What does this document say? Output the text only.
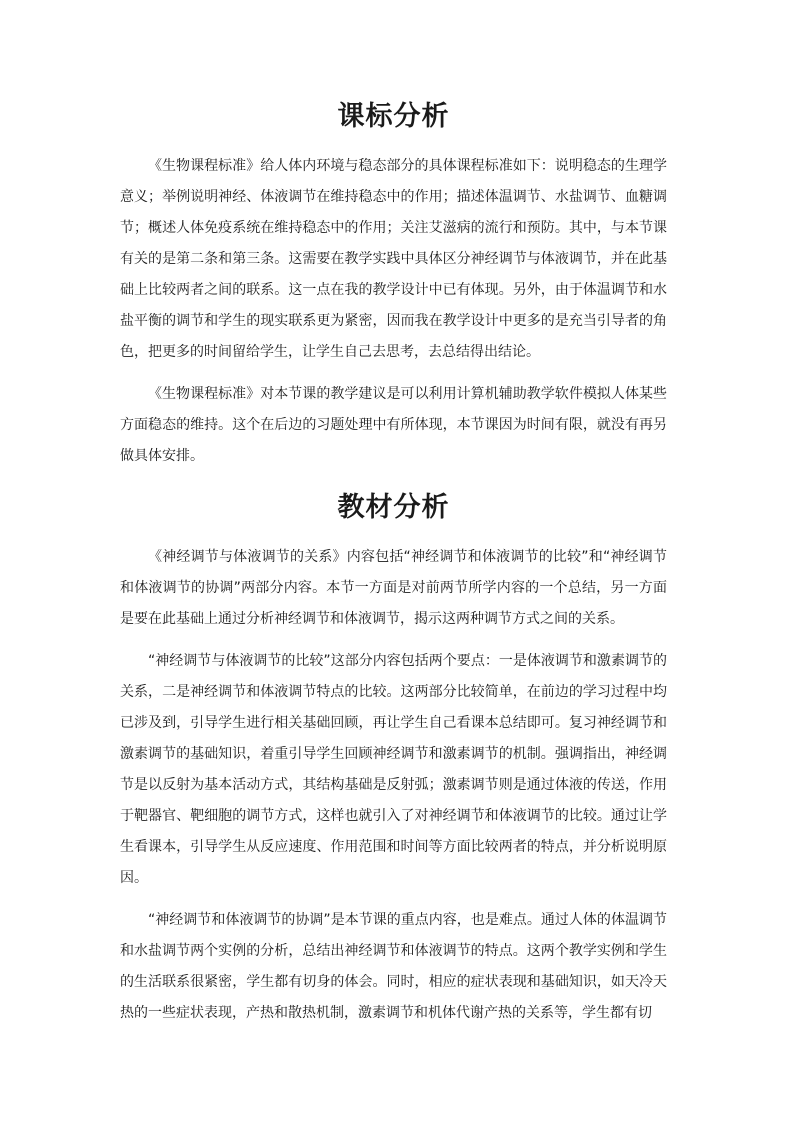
课标分析

《生物课程标准》给人体内环境与稳态部分的具体课程标准如下：说明稳态的生理学意义；举例说明神经、体液调节在维持稳态中的作用；描述体温调节、水盐调节、血糖调节；概述人体免疫系统在维持稳态中的作用；关注艾滋病的流行和预防。其中，与本节课有关的是第二条和第三条。这需要在教学实践中具体区分神经调节与体液调节，并在此基础上比较两者之间的联系。这一点在我的教学设计中已有体现。另外，由于体温调节和水盐平衡的调节和学生的现实联系更为紧密，因而我在教学设计中更多的是充当引导者的角色，把更多的时间留给学生，让学生自己去思考，去总结得出结论。

《生物课程标准》对本节课的教学建议是可以利用计算机辅助教学软件模拟人体某些方面稳态的维持。这个在后边的习题处理中有所体现，本节课因为时间有限，就没有再另做具体安排。

教材分析

《神经调节与体液调节的关系》内容包括“神经调节和体液调节的比较”和“神经调节和体液调节的协调”两部分内容。本节一方面是对前两节所学内容的一个总结，另一方面是要在此基础上通过分析神经调节和体液调节，揭示这两种调节方式之间的关系。

“神经调节与体液调节的比较”这部分内容包括两个要点：一是体液调节和激素调节的关系，二是神经调节和体液调节特点的比较。这两部分比较简单，在前边的学习过程中均已涉及到，引导学生进行相关基础回顾，再让学生自己看课本总结即可。复习神经调节和激素调节的基础知识，着重引导学生回顾神经调节和激素调节的机制。强调指出，神经调节是以反射为基本活动方式，其结构基础是反射弧；激素调节则是通过体液的传送，作用于靶器官、靶细胞的调节方式，这样也就引入了对神经调节和体液调节的比较。通过让学生看课本，引导学生从反应速度、作用范围和时间等方面比较两者的特点，并分析说明原因。

“神经调节和体液调节的协调”是本节课的重点内容，也是难点。通过人体的体温调节和水盐调节两个实例的分析，总结出神经调节和体液调节的特点。这两个教学实例和学生的生活联系很紧密，学生都有切身的体会。同时，相应的症状表现和基础知识，如天冷天热的一些症状表现，产热和散热机制，激素调节和机体代谢产热的关系等，学生都有切
